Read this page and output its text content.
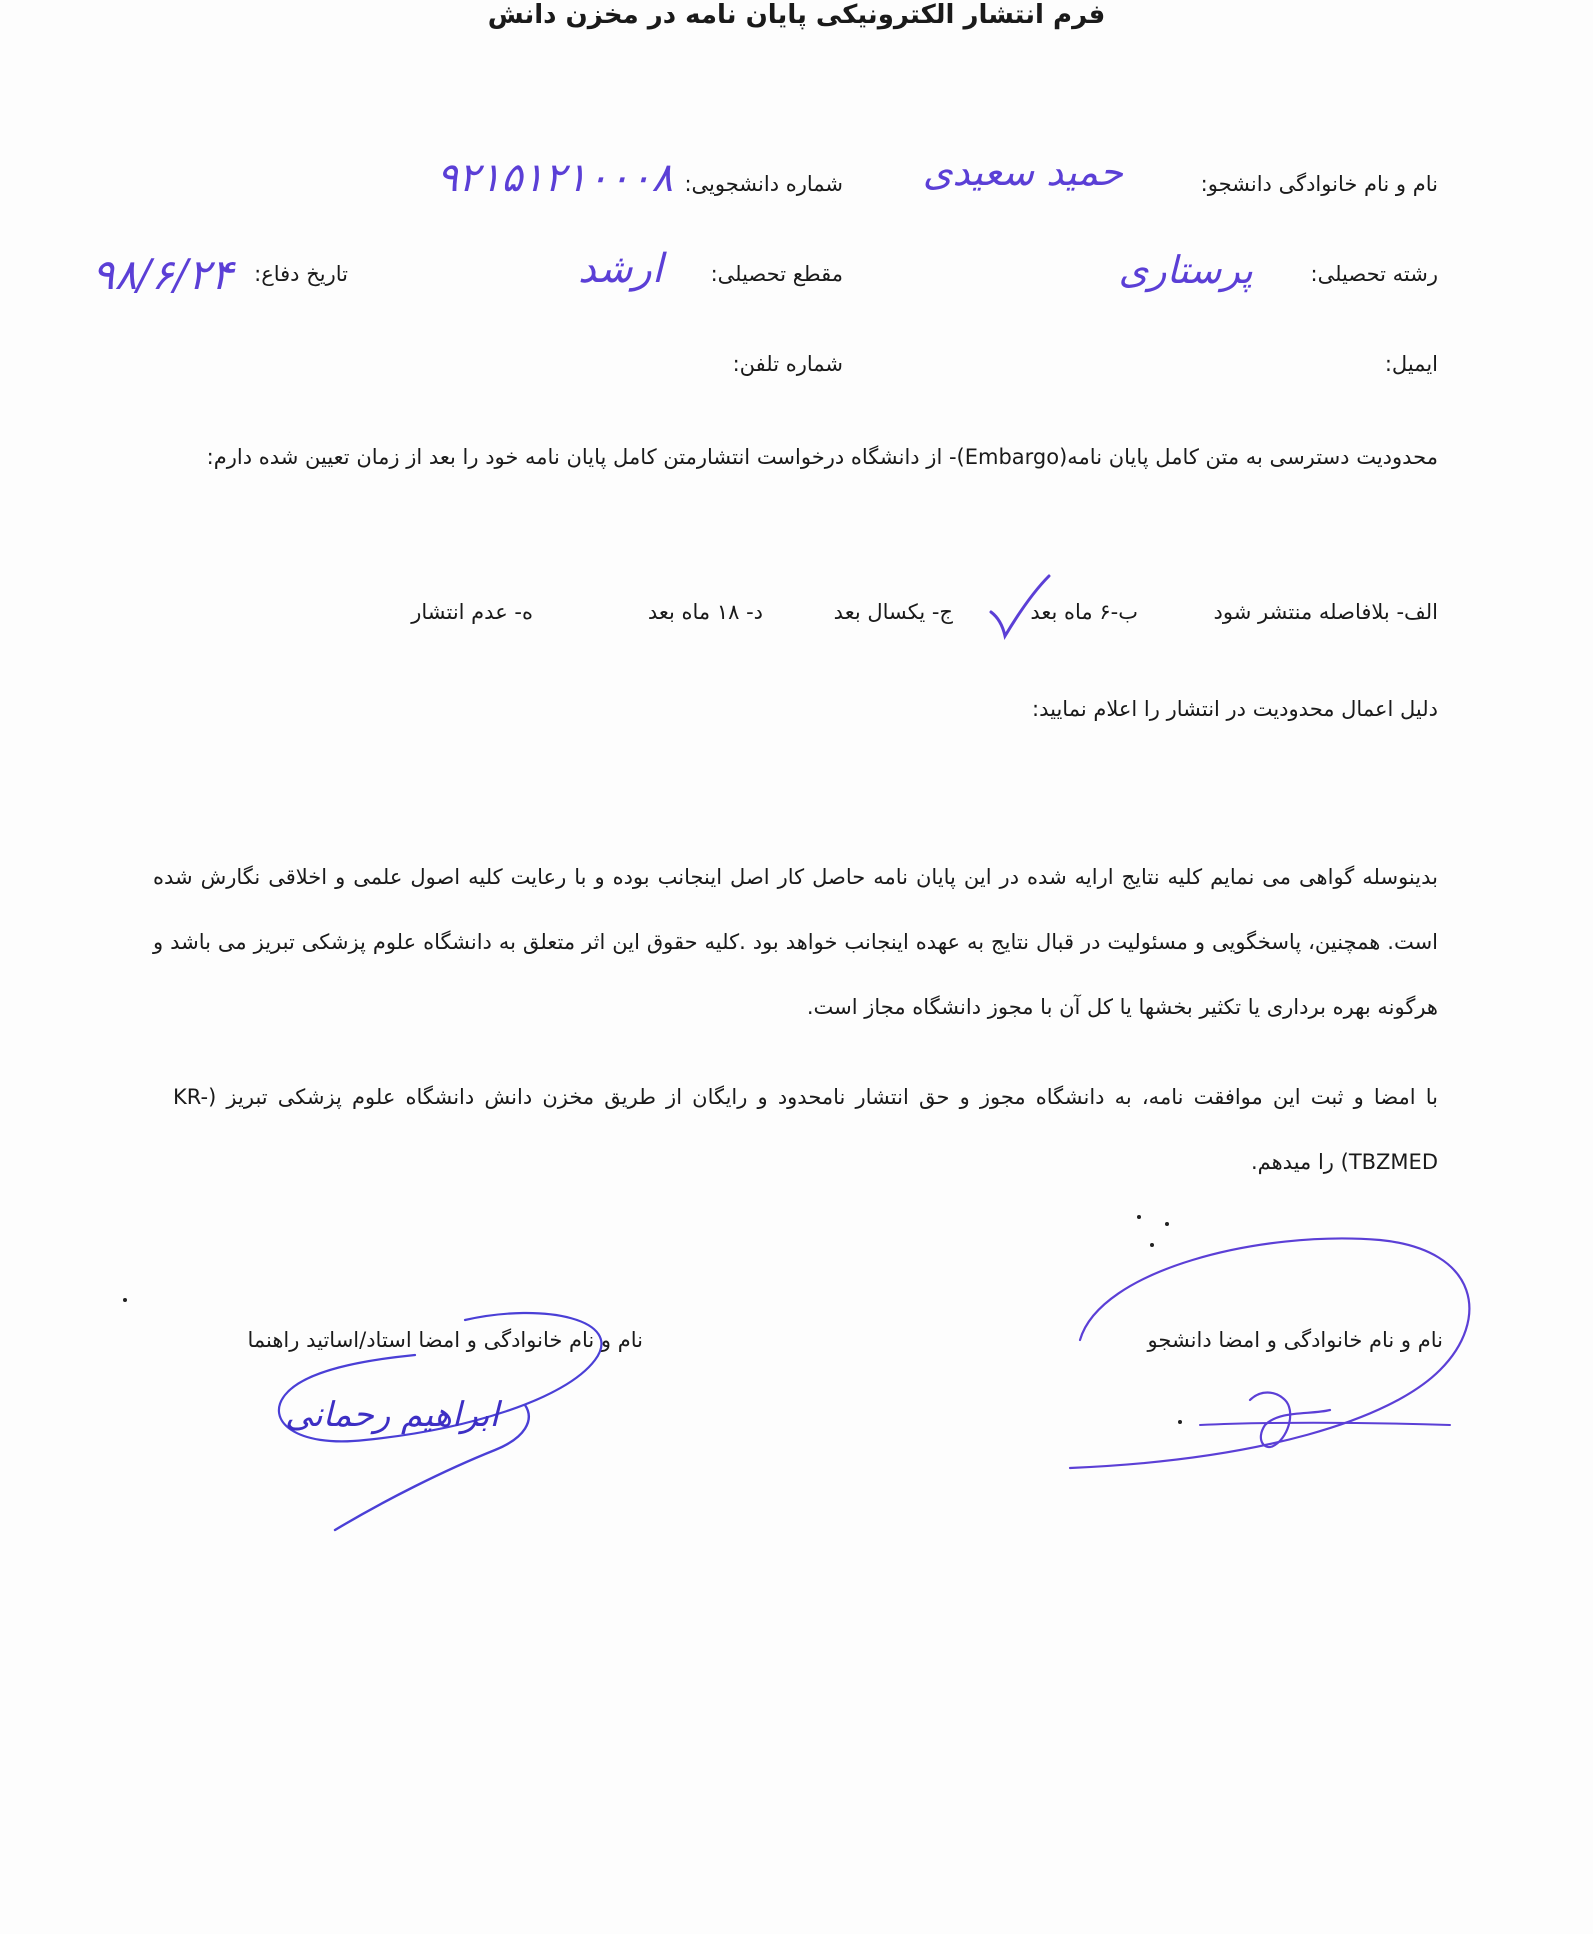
فرم انتشار الکترونیکی پایان نامه در مخزن دانش
نام و نام خانوادگی دانشجو:
حمید سعیدی
شماره دانشجویی:
۹۲۱۵۱۲۱۰۰۰۸
رشته تحصیلی:
پرستاری
مقطع تحصیلی:
ارشد
تاریخ دفاع:
۹۸/۶/۲۴
ایمیل:
شماره تلفن:
محدودیت دسترسی به متن کامل پایان نامه(Embargo)- از دانشگاه درخواست انتشارمتن کامل پایان نامه خود را بعد از زمان تعیین شده دارم:
الف- بلافاصله منتشر شود
ب-۶ ماه بعد
ج- یکسال بعد
د- ۱۸ ماه بعد
ه- عدم انتشار
دلیل اعمال محدودیت در انتشار را اعلام نمایید:
بدینوسله گواهی می نمایم کلیه نتایج ارایه شده در این پایان نامه حاصل کار اصل اینجانب بوده و با رعایت کلیه اصول علمی و اخلاقی نگارش شده است. همچنین، پاسخگویی و مسئولیت در قبال نتایج به عهده اینجانب خواهد بود .کلیه حقوق این اثر متعلق به دانشگاه علوم پزشکی تبریز می باشد و هرگونه بهره برداری یا تکثیر بخشها یا کل آن با مجوز دانشگاه مجاز است.
با امضا و ثبت این موافقت نامه، به دانشگاه مجوز و حق انتشار نامحدود و رایگان از طریق مخزن دانش دانشگاه علوم پزشکی تبریز (KR-TBZMED) را میدهم.
نام و نام خانوادگی و امضا دانشجو
نام و نام خانوادگی و امضا استاد/اساتید راهنما
ابراهیم رحمانی
